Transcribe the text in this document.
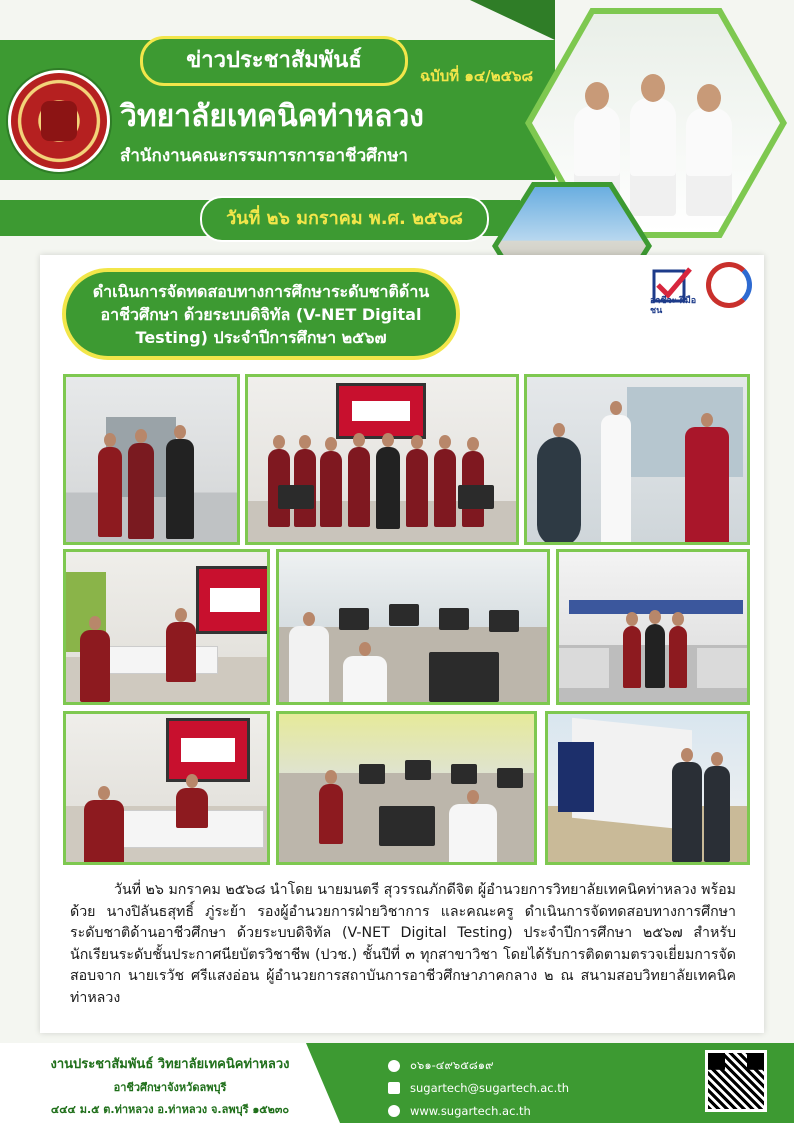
ข่าวประชาสัมพันธ์
ฉบับที่ ๑๔/๒๕๖๘
วิทยาลัยเทคนิคท่าหลวง
สำนักงานคณะกรรมการการอาชีวศึกษา
วันที่ ๒๖ มกราคม พ.ศ. ๒๕๖๘
ดำเนินการจัดทดสอบทางการศึกษาระดับชาติด้านอาชีวศึกษา ด้วยระบบดิจิทัล (V-NET Digital Testing) ประจำปีการศึกษา ๒๕๖๗
อาชีวะ ฝีมือชน

วันที่ ๒๖ มกราคม ๒๕๖๘ นำโดย นายมนตรี สุวรรณภักดีจิต ผู้อำนวยการวิทยาลัยเทคนิคท่าหลวง พร้อมด้วย นางปิลันธสุทธิ์ ภู่ระย้า รองผู้อำนวยการฝ่ายวิชาการ และคณะครู ดำเนินการจัดทดสอบทางการศึกษาระดับชาติด้านอาชีวศึกษา ด้วยระบบดิจิทัล (V-NET Digital Testing) ประจำปีการศึกษา ๒๕๖๗ สำหรับนักเรียนระดับชั้นประกาศนียบัตรวิชาชีพ (ปวช.) ชั้นปีที่ ๓ ทุกสาขาวิชา โดยได้รับการติดตามตรวจเยี่ยมการจัดสอบจาก นายเรวัช ศรีแสงอ่อน ผู้อำนวยการสถาบันการอาชีวศึกษาภาคกลาง ๒ ณ สนามสอบวิทยาลัยเทคนิคท่าหลวง

งานประชาสัมพันธ์ วิทยาลัยเทคนิคท่าหลวง
อาชีวศึกษาจังหวัดลพบุรี
๔๔๔ ม.๕ ต.ท่าหลวง อ.ท่าหลวง จ.ลพบุรี ๑๕๒๓๐
๐๖๑-๔๙๖๕๘๑๙
sugartech@sugartech.ac.th
www.sugartech.ac.th
